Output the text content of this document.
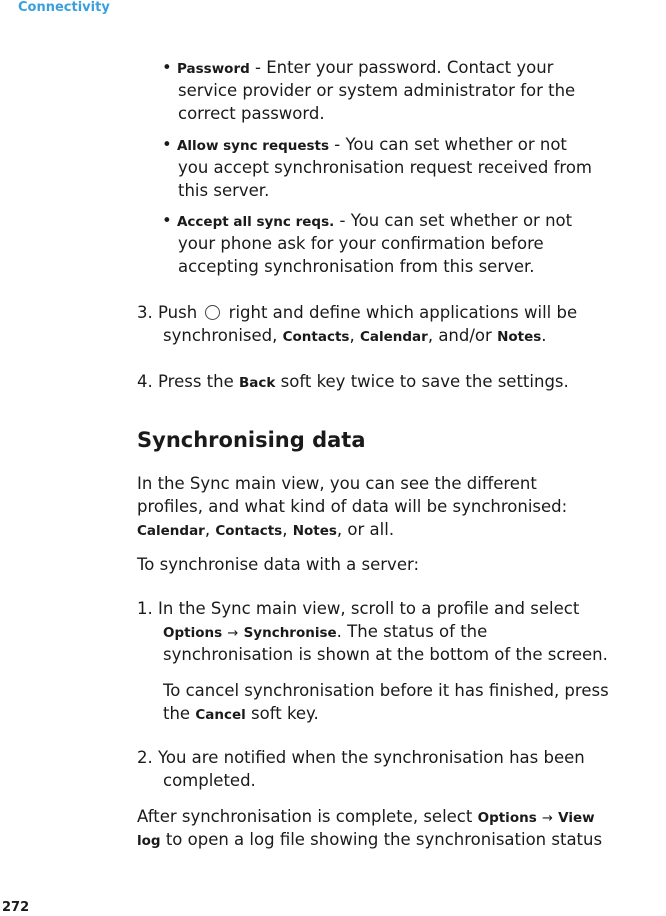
Connectivity
• Password - Enter your password. Contact your
service provider or system administrator for the
correct password.
• Allow sync requests - You can set whether or not
you accept synchronisation request received from
this server.
• Accept all sync reqs. - You can set whether or not
your phone ask for your confirmation before
accepting synchronisation from this server.
3. Push right and define which applications will be
synchronised, Contacts, Calendar, and/or Notes.
4. Press the Back soft key twice to save the settings.
Synchronising data
In the Sync main view, you can see the different
profiles, and what kind of data will be synchronised:
Calendar, Contacts, Notes, or all.
To synchronise data with a server:
1. In the Sync main view, scroll to a profile and select
Options → Synchronise. The status of the
synchronisation is shown at the bottom of the screen.
To cancel synchronisation before it has finished, press
the Cancel soft key.
2. You are notified when the synchronisation has been
completed.
After synchronisation is complete, select Options → View
log to open a log file showing the synchronisation status
272
